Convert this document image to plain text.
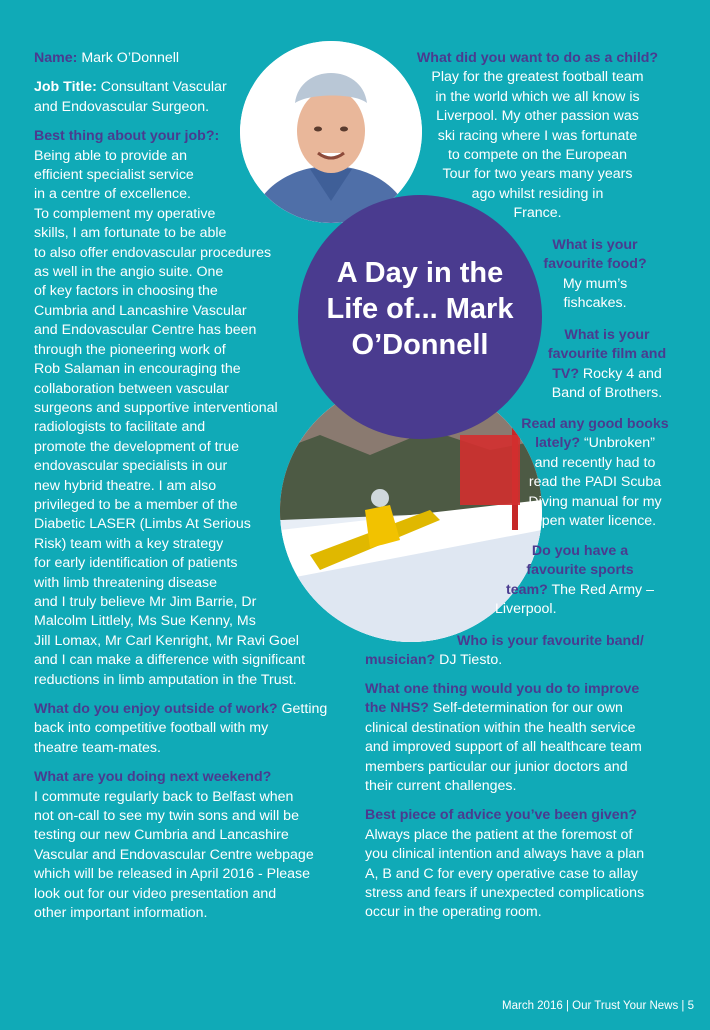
A Day in the
Life of... Mark
O’Donnell

Name: Mark O’Donnell

Job Title: Consultant Vascular
and Endovascular Surgeon.

Best thing about your job?:
Being able to provide an
efficient specialist service
in a centre of excellence.
To complement my operative
skills, I am fortunate to be able
to also offer endovascular procedures
as well in the angio suite. One
of key factors in choosing the
Cumbria and Lancashire Vascular
and Endovascular Centre has been
through the pioneering work of
Rob Salaman in encouraging the
collaboration between vascular
surgeons and supportive interventional
radiologists to facilitate and
promote the development of true
endovascular specialists in our
new hybrid theatre. I am also
privileged to be a member of the
Diabetic LASER (Limbs At Serious
Risk) team with a key strategy
for early identification of patients
with limb threatening disease
and I truly believe Mr Jim Barrie, Dr
Malcolm Littlely, Ms Sue Kenny, Ms
Jill Lomax, Mr Carl Kenright, Mr Ravi Goel
and I can make a difference with significant
reductions in limb amputation in the Trust.

What do you enjoy outside of work? Getting
back into competitive football with my
theatre team-mates.

What are you doing next weekend?
I commute regularly back to Belfast when
not on-call to see my twin sons and will be
testing our new Cumbria and Lancashire
Vascular and Endovascular Centre webpage
which will be released in April 2016 - Please
look out for our video presentation and
other important information.

What did you want to do as a child?
Play for the greatest football team
in the world which we all know is
Liverpool. My other passion was
ski racing where I was fortunate
to compete on the European
Tour for two years many years
ago whilst residing in
France.
What is your
favourite food?
My mum’s
fishcakes.
What is your
favourite film and
TV? Rocky 4 and
Band of Brothers.
Read any good books
lately? “Unbroken”
and recently had to
read the PADI Scuba
Diving manual for my
open water licence.
Do you have a
favourite sports
team? The Red Army –
Liverpool.
Who is your favourite band/
musician? DJ Tiesto.

What one thing would you do to improve
the NHS? Self-determination for our own
clinical destination within the health service
and improved support of all healthcare team
members particular our junior doctors and
their current challenges.

Best piece of advice you’ve been given?
Always place the patient at the foremost of
you clinical intention and always have a plan
A, B and C for every operative case to allay
stress and fears if unexpected complications
occur in the operating room.

March 2016 | Our Trust Your News | 5
